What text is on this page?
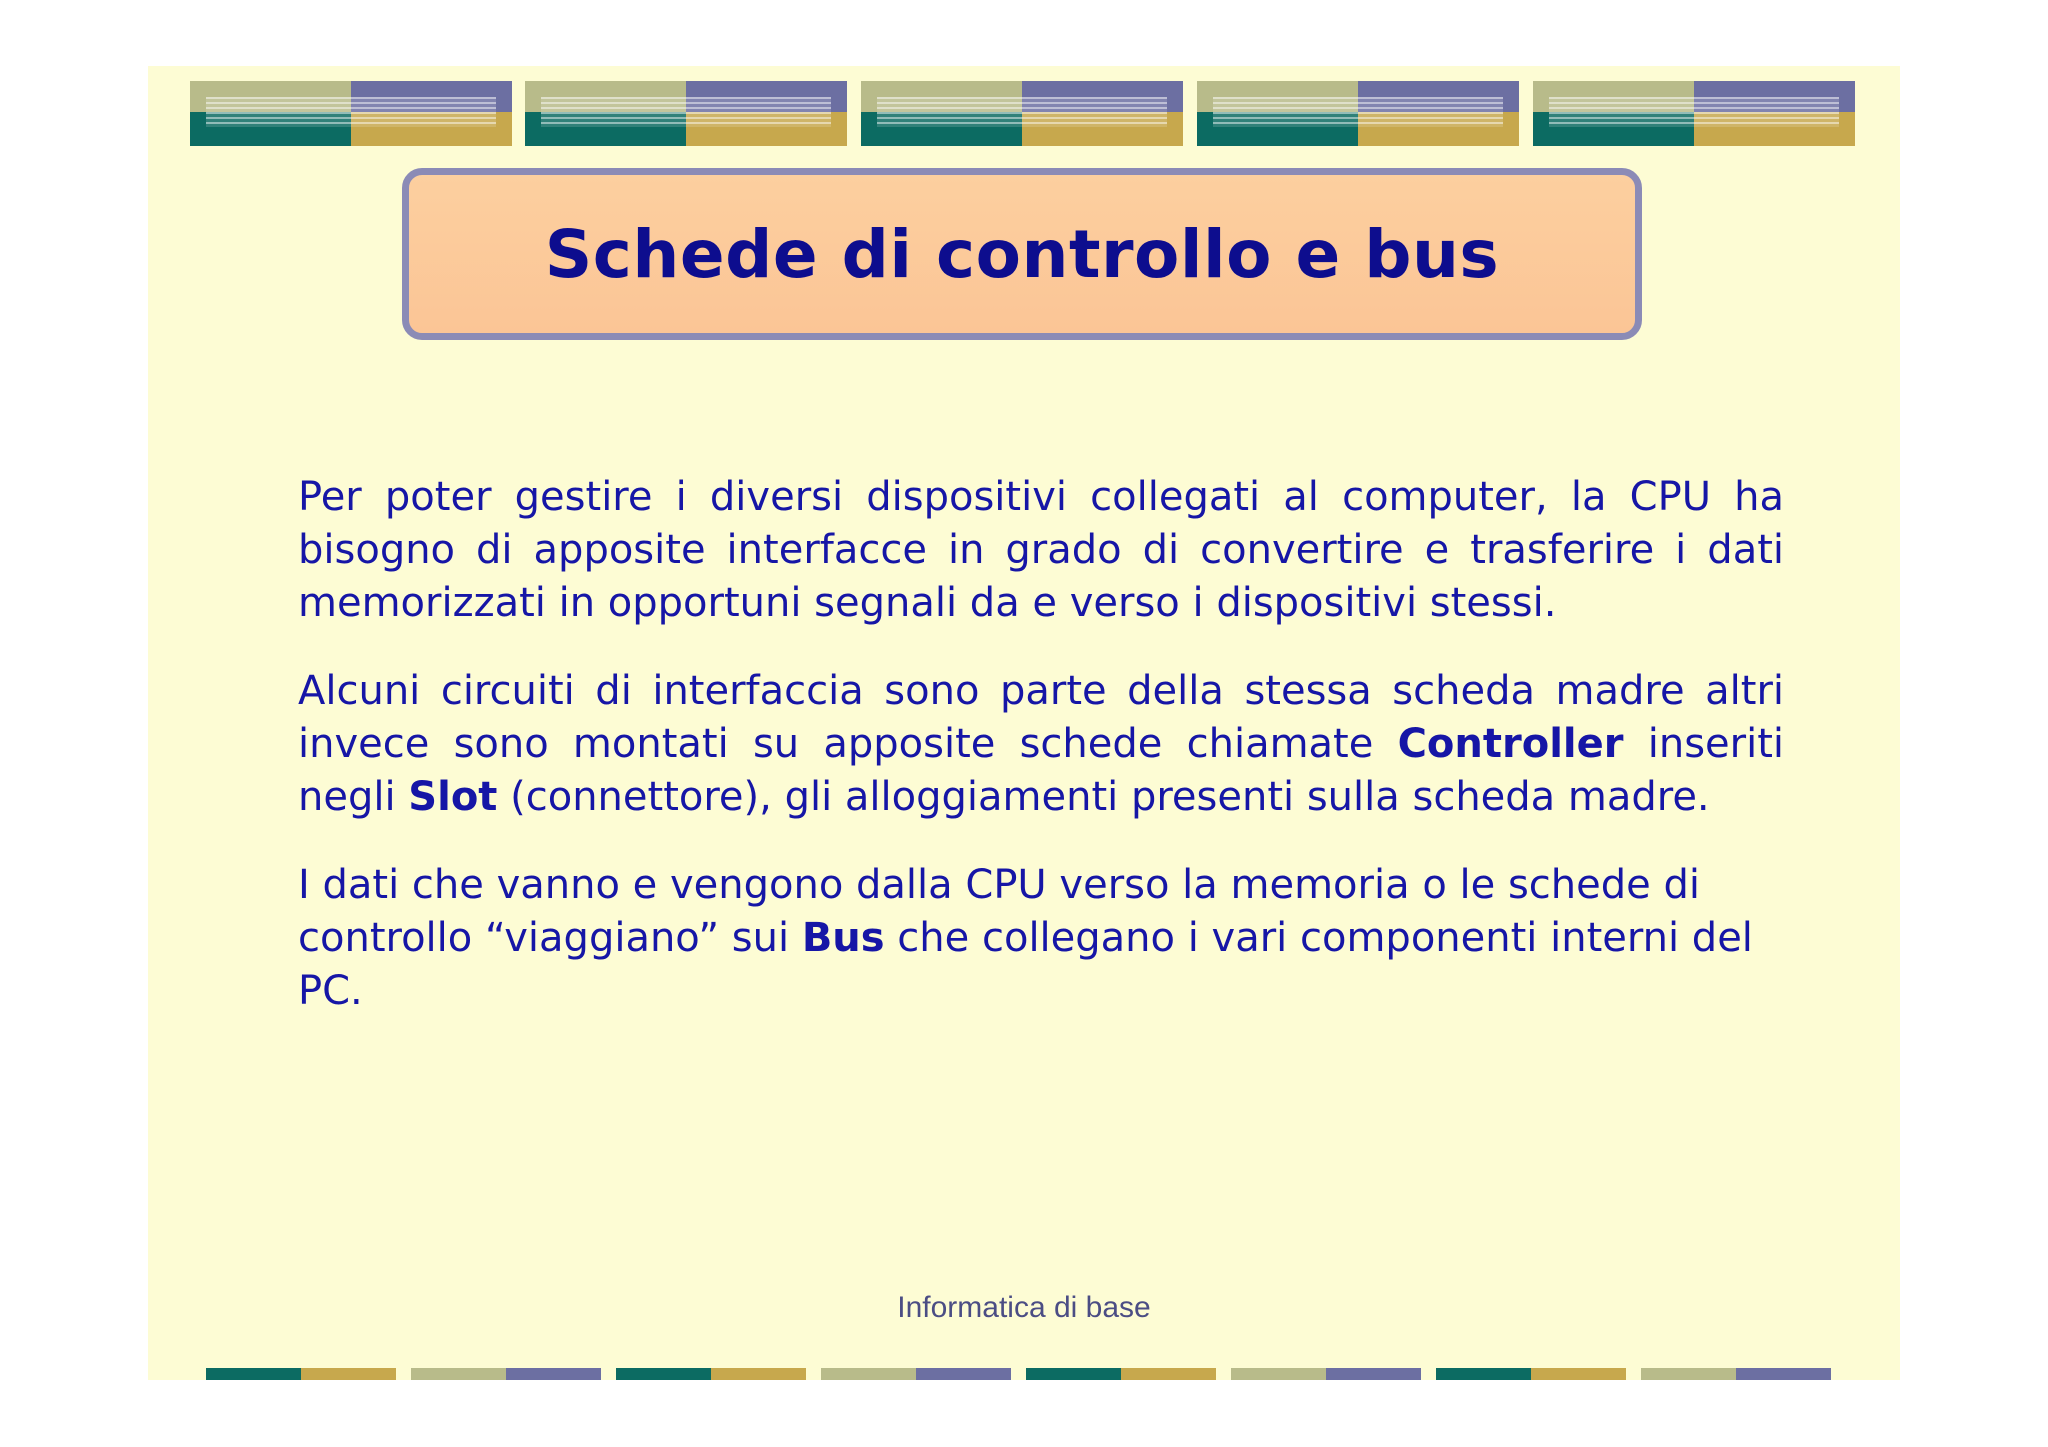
Schede di controllo e bus

Per poter gestire i diversi dispositivi collegati al computer, la CPU ha bisogno di apposite interfacce in grado di convertire e trasferire i dati memorizzati in opportuni segnali da e verso i dispositivi stessi.

Alcuni circuiti di interfaccia sono parte della stessa scheda madre altri invece sono montati su apposite schede chiamate Controller inseriti negli Slot (connettore), gli alloggiamenti presenti sulla scheda madre.

I dati che vanno e vengono dalla CPU verso la memoria o le schede di controllo “viaggiano” sui Bus che collegano i vari componenti interni del PC.

Informatica di base
